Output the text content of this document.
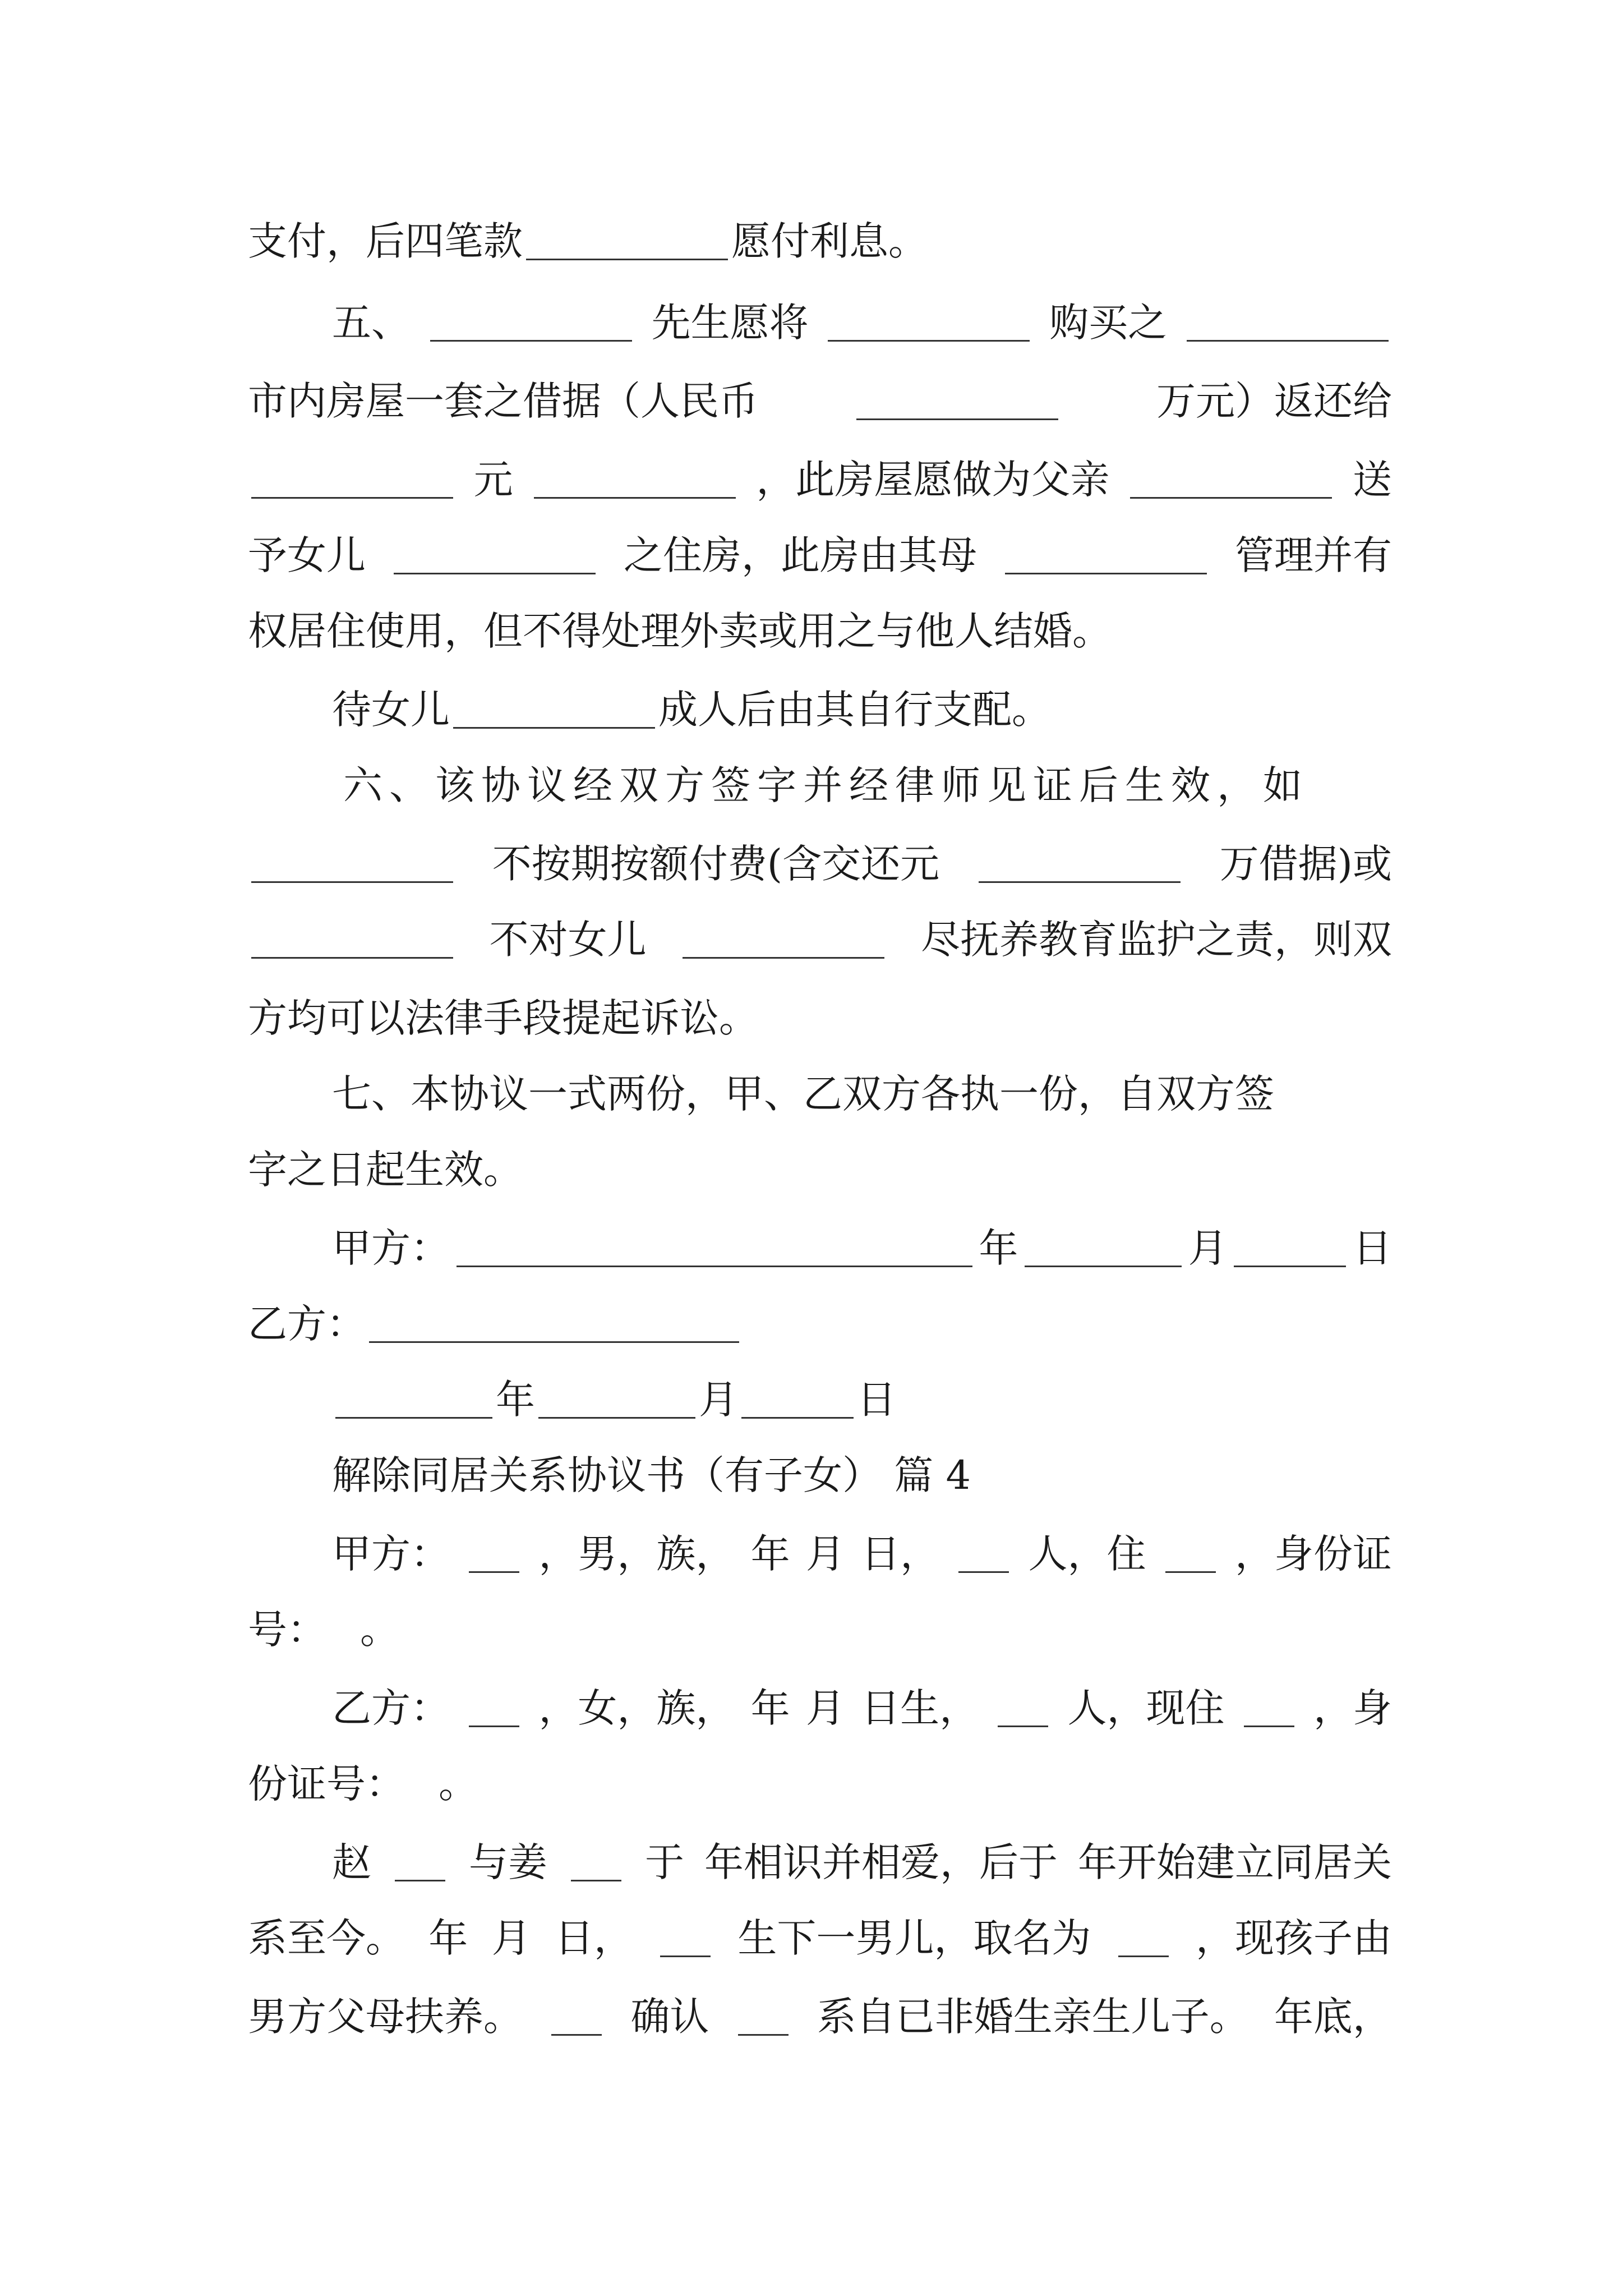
支付，后四笔款	愿付利息。
五、	先生愿将	购买之
市内房屋一套之借据（人民币	万元）返还给
元	，此房屋愿做为父亲	送
予女儿	之住房，此房由其母	管理并有
权居住使用，但不得处理外卖或用之与他人结婚。
待女儿	成人后由其自行支配。
六、该协议经双方签字并经律师见证后生效，如
不按期按额付费(含交还元	万借据)或
不对女儿	尽抚养教育监护之责，则双
方均可以法律手段提起诉讼。
七、本协议一式两份，甲、乙双方各执一份，自双方签
字之日起生效。
甲方：	年	月	日
乙方：
年	月	日
解除同居关系协议书（有子女） 篇 4
甲方： ，男，族， 年 月 日， 人，住 ，身份证
号： 。
乙方： ，女，族， 年 月 日生， 人，现住 ，身
份证号： 。
赵 与姜 于 年相识并相爱，后于 年开始建立同居关
系至今。 年 月 日，	生下一男儿，取名为	，现孩子由
男方父母扶养。	确认	系自已非婚生亲生儿子。 年底，
